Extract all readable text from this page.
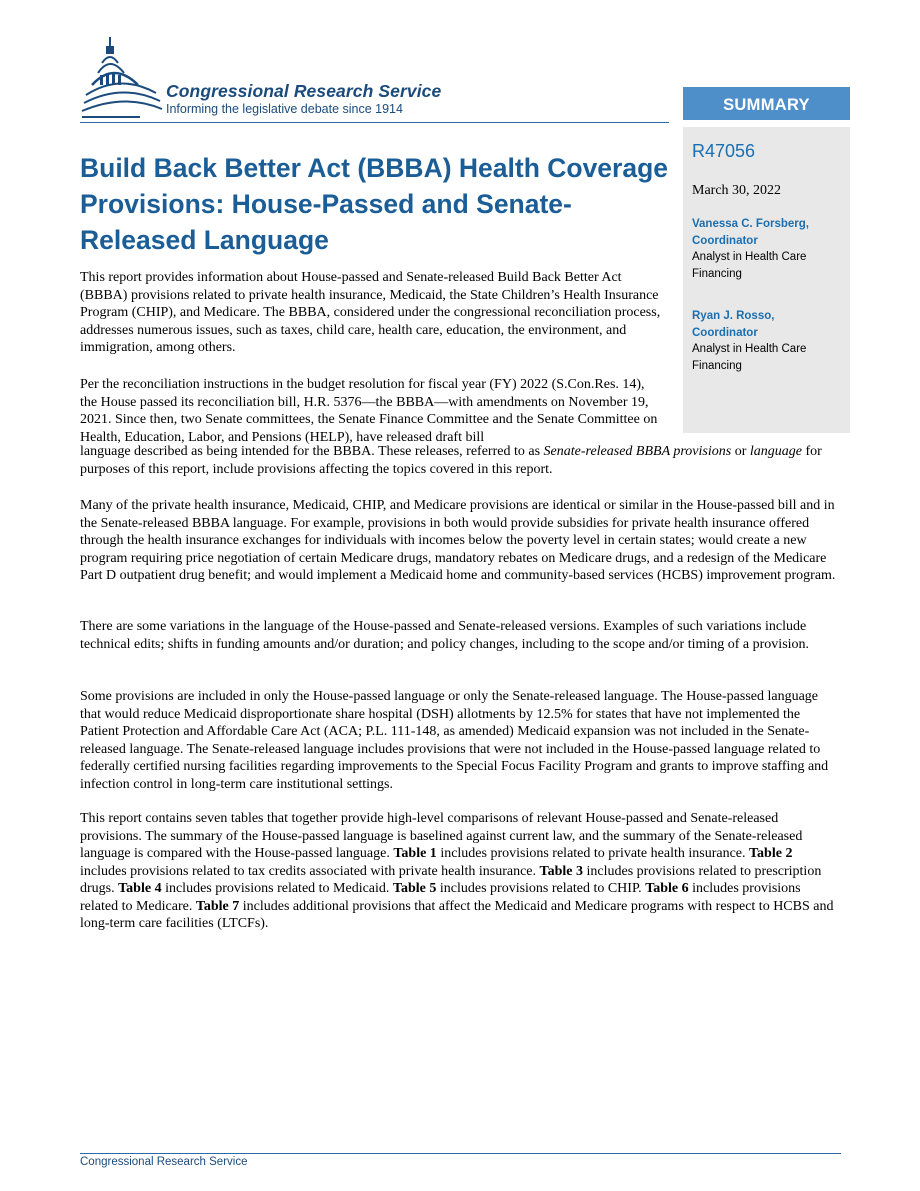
Congressional Research Service
Informing the legislative debate since 1914	SUMMARY
R47056
March 30, 2022
Vanessa C. Forsberg,
Coordinator
Analyst in Health Care Financing
Ryan J. Rosso,
Coordinator
Analyst in Health Care Financing
Build Back Better Act (BBBA) Health Coverage Provisions: House-Passed and Senate-Released Language

This report provides information about House-passed and Senate-released Build Back Better Act (BBBA) provisions related to private health insurance, Medicaid, the State Children’s Health Insurance Program (CHIP), and Medicare. The BBBA, considered under the congressional reconciliation process, addresses numerous issues, such as taxes, child care, health care, education, the environment, and immigration, among others.

Per the reconciliation instructions in the budget resolution for fiscal year (FY) 2022 (S.Con.Res. 14), the House passed its reconciliation bill, H.R. 5376—the BBBA—with amendments on November 19, 2021. Since then, two Senate committees, the Senate Finance Committee and the Senate Committee on Health, Education, Labor, and Pensions (HELP), have released draft bill

language described as being intended for the BBBA. These releases, referred to as Senate-released BBBA provisions or language for purposes of this report, include provisions affecting the topics covered in this report.

Many of the private health insurance, Medicaid, CHIP, and Medicare provisions are identical or similar in the House-passed bill and in the Senate-released BBBA language. For example, provisions in both would provide subsidies for private health insurance offered through the health insurance exchanges for individuals with incomes below the poverty level in certain states; would create a new program requiring price negotiation of certain Medicare drugs, mandatory rebates on Medicare drugs, and a redesign of the Medicare Part D outpatient drug benefit; and would implement a Medicaid home and community-based services (HCBS) improvement program.

There are some variations in the language of the House-passed and Senate-released versions. Examples of such variations include technical edits; shifts in funding amounts and/or duration; and policy changes, including to the scope and/or timing of a provision.

Some provisions are included in only the House-passed language or only the Senate-released language. The House-passed language that would reduce Medicaid disproportionate share hospital (DSH) allotments by 12.5% for states that have not implemented the Patient Protection and Affordable Care Act (ACA; P.L. 111-148, as amended) Medicaid expansion was not included in the Senate-released language. The Senate-released language includes provisions that were not included in the House-passed language related to federally certified nursing facilities regarding improvements to the Special Focus Facility Program and grants to improve staffing and infection control in long-term care institutional settings.

This report contains seven tables that together provide high-level comparisons of relevant House-passed and Senate-released provisions. The summary of the House-passed language is baselined against current law, and the summary of the Senate-released language is compared with the House-passed language. Table 1 includes provisions related to private health insurance. Table 2 includes provisions related to tax credits associated with private health insurance. Table 3 includes provisions related to prescription drugs. Table 4 includes provisions related to Medicaid. Table 5 includes provisions related to CHIP. Table 6 includes provisions related to Medicare. Table 7 includes additional provisions that affect the Medicaid and Medicare programs with respect to HCBS and long-term care facilities (LTCFs).

Congressional Research Service
